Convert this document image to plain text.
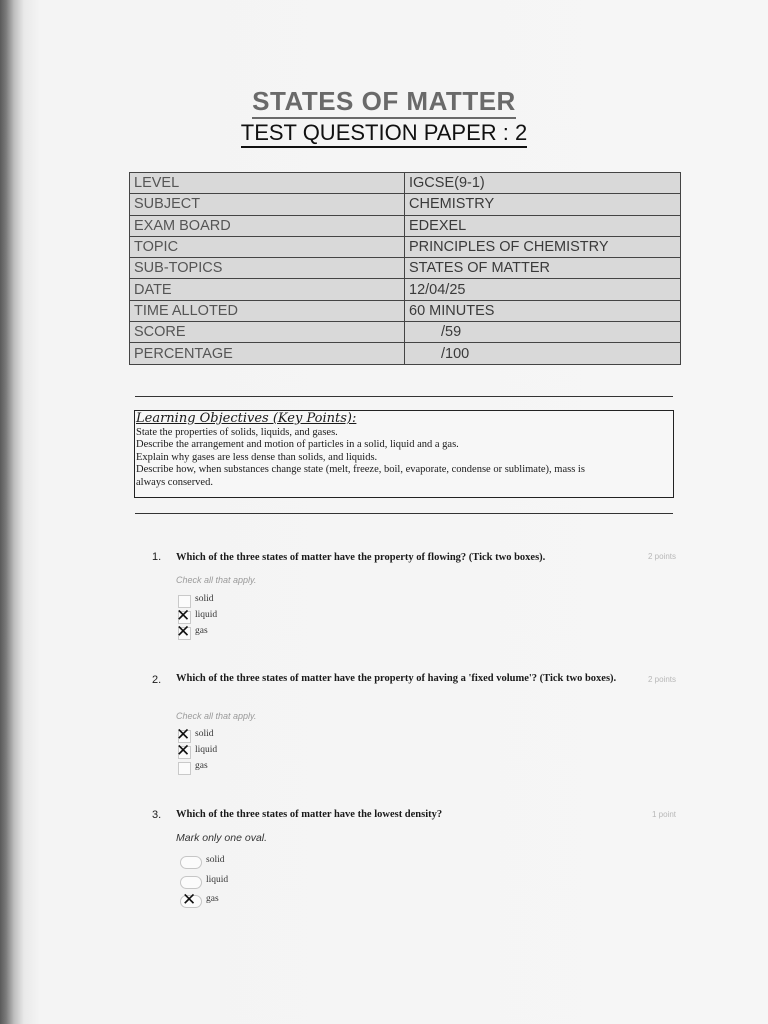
STATES OF MATTER
TEST QUESTION PAPER : 2
LEVEL	IGCSE(9-1)
SUBJECT	CHEMISTRY
EXAM BOARD	EDEXEL
TOPIC	PRINCIPLES OF CHEMISTRY
SUB-TOPICS	STATES OF MATTER
DATE	12/04/25
TIME ALLOTED	60 MINUTES
SCORE	/59
PERCENTAGE	/100
Learning Objectives (Key Points):
State the properties of solids, liquids, and gases.
Describe the arrangement and motion of particles in a solid, liquid and a gas.
Explain why gases are less dense than solids, and liquids.
Describe how, when substances change state (melt, freeze, boil, evaporate, condense or sublimate), mass is
always conserved.
1. Which of the three states of matter have the property of flowing? (Tick two boxes).	2 points
Check all that apply.
solid
✕ liquid
✕ gas
2. Which of the three states of matter have the property of having a 'fixed volume'? (Tick two boxes).	2 points
Check all that apply.
✕ solid
✕ liquid
gas
3. Which of the three states of matter have the lowest density?	1 point
Mark only one oval.
solid
liquid
✕ gas
